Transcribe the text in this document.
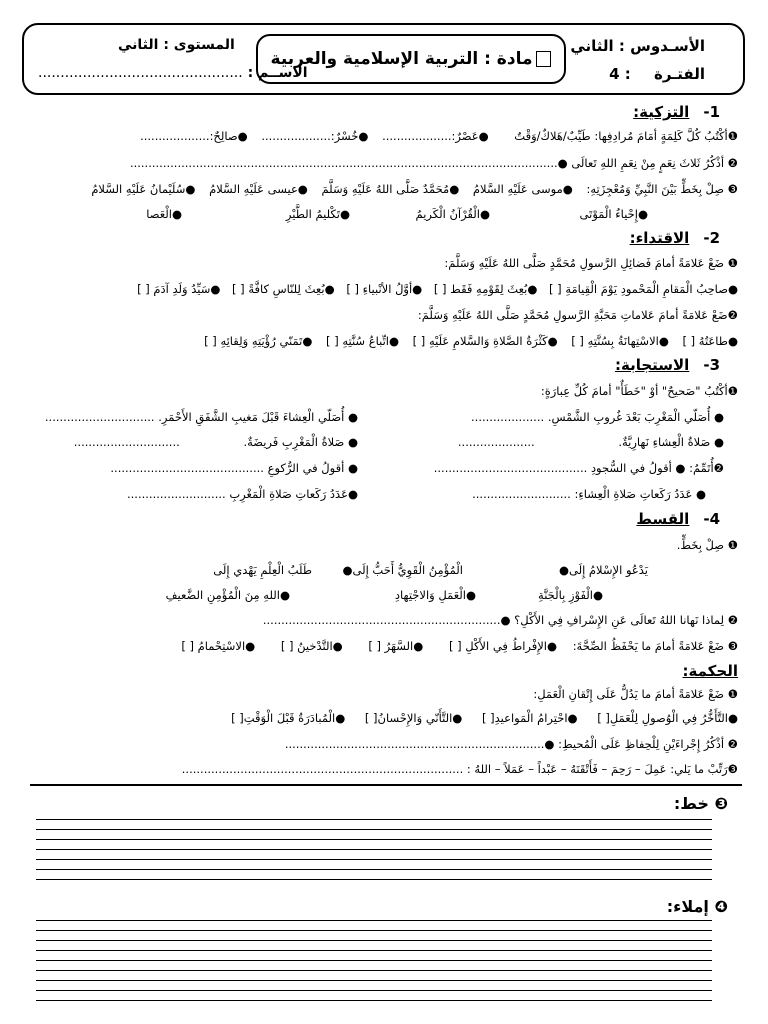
الأسـدوس : الثاني
الفتـرة : 4
مادة : التربية الإسلامية والعربية
المستوى : الثاني
الاســم : ..............................................
1-التزكية:
❶أكْتُبُ كُلَّ كَلِمَةٍ أمَامَ مُرادِفِها: طَيِّبٌ/هَلاكٌ/وَقْتٌ ●عَصْرٌ:................... ●خُسْرٌ:................... ●صالِحٌ:...................
❷ أذْكُرُ ثَلاثَ نِعَمٍ مِنْ نِعَمِ اللهِ تَعالَى ●.....................................................................................................................
❸ صِلْ بِخَطٍّ بَيْنَ النَّبِيِّ وَمُعْجِزَتِهِ: ●موسى عَلَيْهِ السَّلامُ ●مُحَمَّدٌ صَلَّى اللهُ عَلَيْهِ وَسَلَّمَ ●عيسى عَلَيْهِ السَّلامُ ●سُلَيْمانُ عَلَيْهِ السَّلامُ
●إِحْياءُ الْمَوْتَى
●الْقُرْآنُ الْكَريمُ
●تَكْليمُ الطَّيْرِ
●الْعَصا
2-الاقتداء:
❶ ضَعْ عَلامَةً أمامَ فَضائِلِ الرَّسولِ مُحَمَّدٍ صَلَّى اللهُ عَلَيْهِ وَسَلَّمَ:
●صاحِبُ الْمَقامِ الْمَحْمودِ يَوْمَ الْقِيامَةِ [ ] ●بُعِثَ لِقَوْمِهِ فَقَط [ ] ●أوَّلُ الأنْبياءِ [ ] ●بُعِثَ لِلنّاسِ كافَّةً [ ] ●سَيِّدُ وَلَدِ آدَمَ [ ]
❷ضَعْ عَلامَةً أمامَ عَلاماتِ مَحَبَّةِ الرَّسولِ مُحَمَّدٍ صَلَّى اللهُ عَلَيْهِ وَسَلَّمَ:
●طاعَتُهُ [ ] ●الاسْتِهانَةُ بِسُنَّتِهِ [ ] ●كَثْرَةُ الصَّلاةِ وَالسَّلامِ عَلَيْهِ [ ] ●اتِّباعُ سُنَّتِهِ [ ] ●تَمَنّي رُؤْيَتِهِ وَلِقائِهِ [ ]
3-الاستجابة:
❶أكْتُبُ "صَحيحٌ" أوْ "خَطَأٌ" أمامَ كُلِّ عِبارَةٍ:
● أُصَلّي الْمَغْرِبَ بَعْدَ غُروبِ الشَّمْسِ. ....................
● أُصَلّي الْعِشاءَ قَبْلَ مَغيبِ الشَّفَقِ الأَحْمَرِ. ..............................
● صَلاةُ الْعِشاءِ نَهارِيَّةٌ. .....................
● صَلاةُ الْمَغْرِبِ فَريضَةٌ. .............................
❷أُتَمِّمُ: ● أقولُ في السُّجودِ ..........................................
● أقولُ في الرُّكوعِ ..........................................
● عَدَدُ رَكَعاتِ صَلاةِ الْعِشاءِ: ...........................
●عَدَدُ رَكَعاتِ صَلاةِ الْمَغْرِبِ ...........................
4-القسط
❶ صِلْ بِخَطٍّ.
يَدْعُو الإِسْلامُ إِلَى●
الْمُؤْمِنُ الْقَوِيُّ أَحَبُّ إِلَى●
طَلَبُ الْعِلْمِ يَهْدي إِلَى
●الْفَوْزِ بِالْجَنَّةِ
●الْعَمَلِ وَالاجْتِهادِ
●اللهِ مِنَ الْمُؤْمِنِ الضَّعيفِ
❷ لِماذا نَهانا اللهُ تَعالَى عَنِ الإِسْرافِ فِي الأَكْلِ؟ ●.................................................................
❸ ضَعْ عَلامَةً أمامَ ما يَحْفَظُ الصِّحَّةَ: ●الإِفْراطُ فِي الأَكْلِ [ ] ●السَّهَرُ [ ] ●التَّدْخينُ [ ] ●الاسْتِحْمامُ [ ]
الحكمة:
❶ ضَعْ عَلامَةً أمامَ ما يَدُلُّ عَلَى إِتْقانِ الْعَمَلِ:
●التَّأَخُّرُ فِي الْوُصولِ لِلْعَمَلِ[ ] ●احْتِرامُ الْمَواعيدِ[ ] ●التَّأَنّي وَالإِحْسانُ[ ] ●الْمُبادَرَةُ قَبْلَ الْوَقْتِ[ ]
❷ أذْكُرُ إِجْراءَيْنِ لِلْحِفاظِ عَلَى الْمُحيطِ: ●.......................................................................
❸رَتِّبْ ما يَلي: عَمِلَ – رَحِمَ – فَأَتْقَنَهُ – عَبْداً – عَمَلاً – اللهُ : .............................................................................
❸ خط:
❹ إملاء:
